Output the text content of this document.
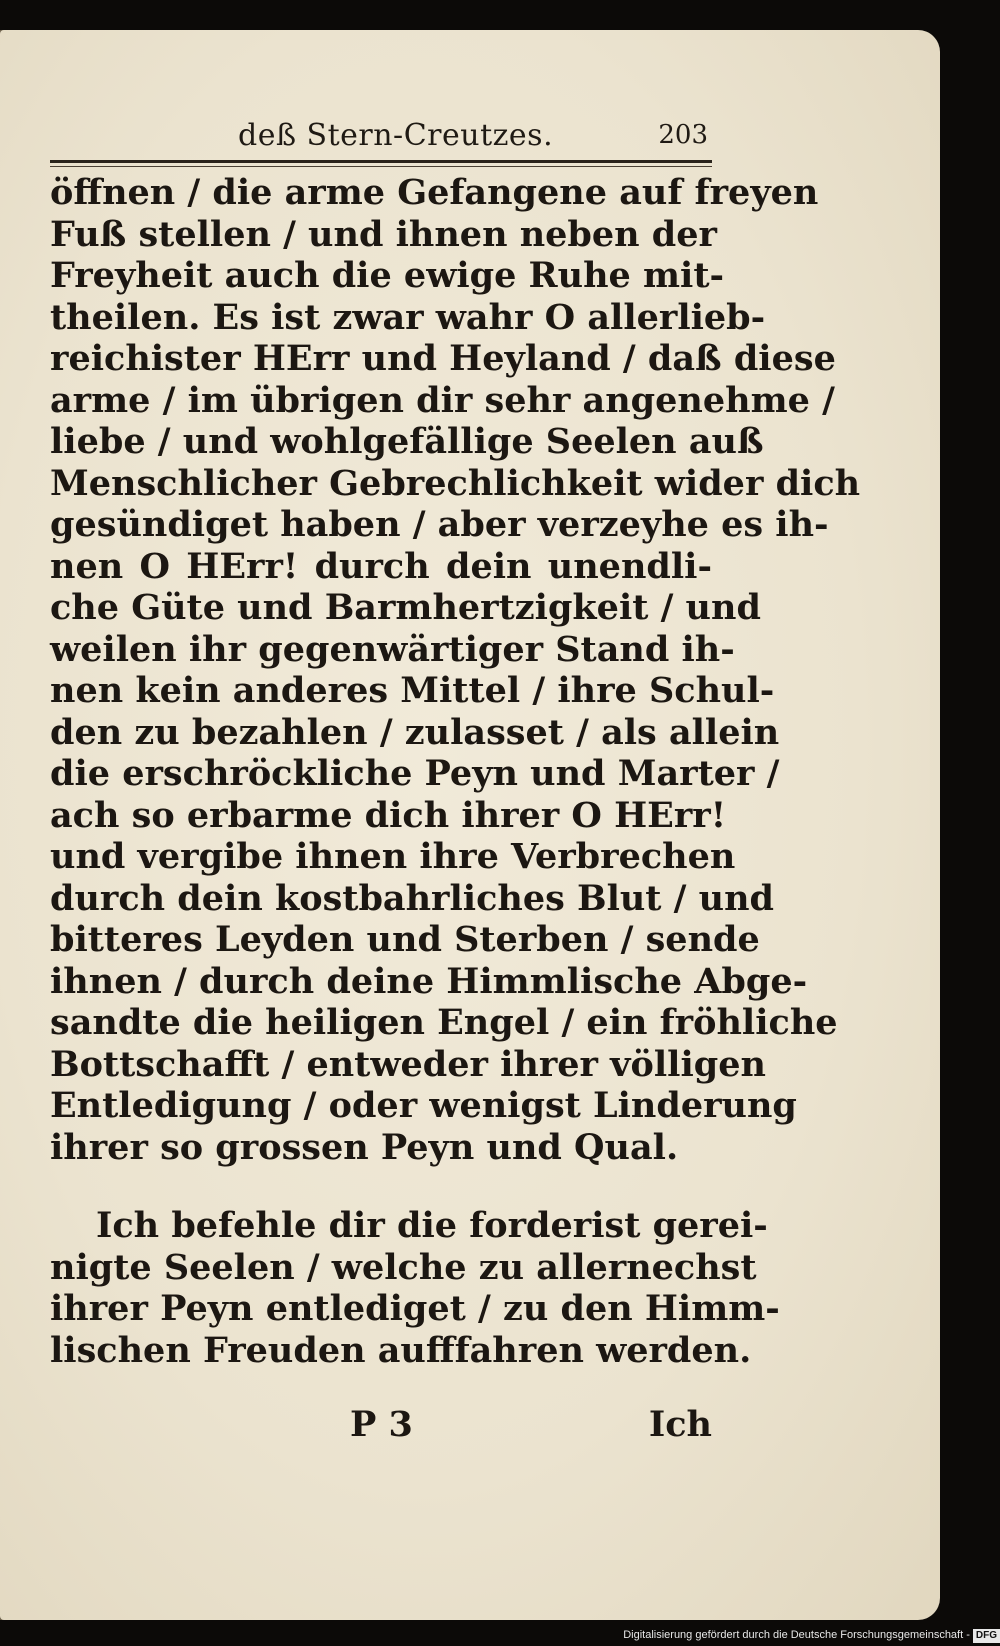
deß Stern-Creutzes.	203
öffnen / die arme Gefangene auf freyen
Fuß stellen / und ihnen neben der
Freyheit auch die ewige Ruhe mit-
theilen. Es ist zwar wahr O allerlieb-
reichister HErr und Heyland / daß diese
arme / im übrigen dir sehr angenehme /
liebe / und wohlgefällige Seelen auß
Menschlicher Gebrechlichkeit wider dich
gesündiget haben / aber verzeyhe es ih-
nen O HErr! durch dein unendli-
che Güte und Barmhertzigkeit / und
weilen ihr gegenwärtiger Stand ih-
nen kein anderes Mittel / ihre Schul-
den zu bezahlen / zulasset / als allein
die erschröckliche Peyn und Marter /
ach so erbarme dich ihrer O HErr!
und vergibe ihnen ihre Verbrechen
durch dein kostbahrliches Blut / und
bitteres Leyden und Sterben / sende
ihnen / durch deine Himmlische Abge-
sandte die heiligen Engel / ein fröhliche
Bottschafft / entweder ihrer völligen
Entledigung / oder wenigst Linderung
ihrer so grossen Peyn und Qual.
Ich befehle dir die forderist gerei-
nigte Seelen / welche zu allernechst
ihrer Peyn entlediget / zu den Himm-
lischen Freuden aufffahren werden.
P 3	Ich
Digitalisierung gefördert durch die Deutsche Forschungsgemeinschaft - DFG
